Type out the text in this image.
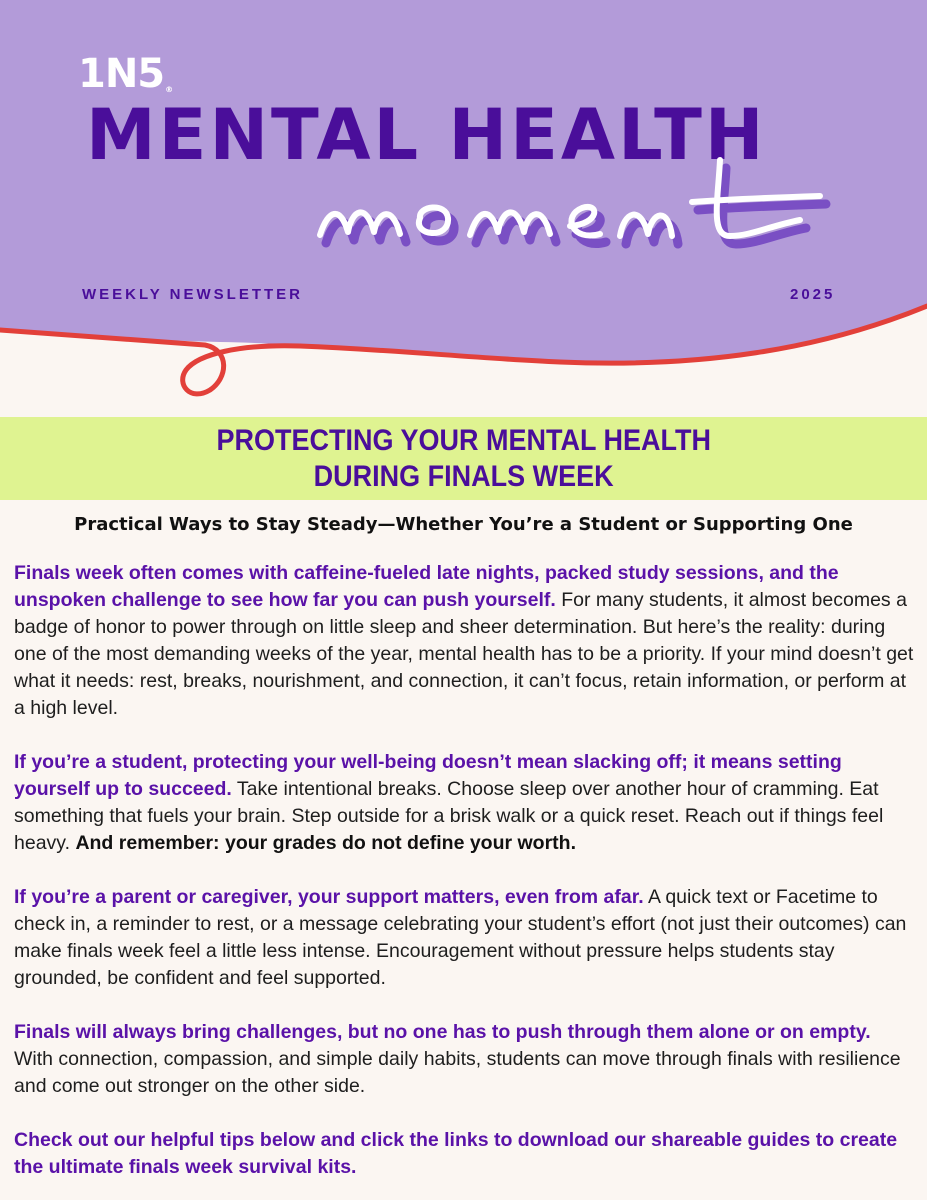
1N5®
MENTAL HEALTH
WEEKLY NEWSLETTER	2025
PROTECTING YOUR MENTAL HEALTH
DURING FINALS WEEK
Practical Ways to Stay Steady—Whether You’re a Student or Supporting One

Finals week often comes with caffeine-fueled late nights, packed study sessions, and the unspoken challenge to see how far you can push yourself. For many students, it almost becomes a badge of honor to power through on little sleep and sheer determination. But here’s the reality: during one of the most demanding weeks of the year, mental health has to be a priority. If your mind doesn’t get what it needs: rest, breaks, nourishment, and connection, it can’t focus, retain information, or perform at a high level.

If you’re a student, protecting your well-being doesn’t mean slacking off; it means setting yourself up to succeed. Take intentional breaks. Choose sleep over another hour of cramming. Eat something that fuels your brain. Step outside for a brisk walk or a quick reset. Reach out if things feel heavy. And remember: your grades do not define your worth.

If you’re a parent or caregiver, your support matters, even from afar. A quick text or Facetime to check in, a reminder to rest, or a message celebrating your student’s effort (not just their outcomes) can make finals week feel a little less intense. Encouragement without pressure helps students stay grounded, be confident and feel supported.

Finals will always bring challenges, but no one has to push through them alone or on empty. With connection, compassion, and simple daily habits, students can move through finals with resilience and come out stronger on the other side.

Check out our helpful tips below and click the links to download our shareable guides to create the ultimate finals week survival kits.
